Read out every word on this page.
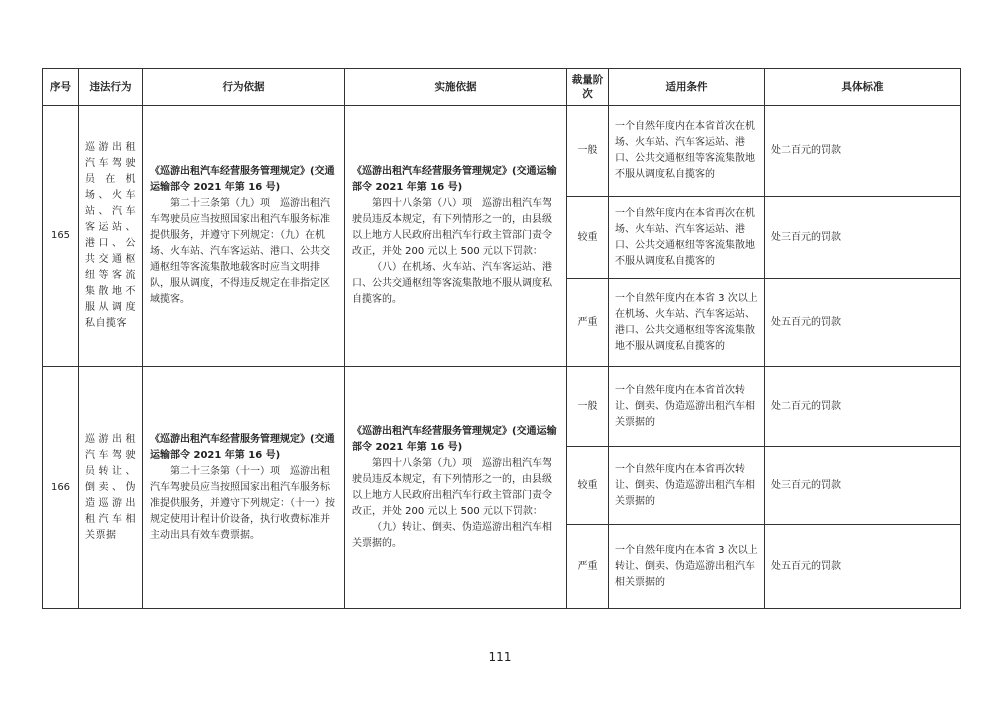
序号	违法行为	行为依据	实施依据	裁量阶次	适用条件	具体标准
165	巡游出租汽车驾驶员在机场、火车站、汽车客运站、港口、公共交通枢纽等客流集散地不服从调度私自揽客	《巡游出租汽车经营服务管理规定》(交通运输部令 2021 年第 16 号)
第二十三条第（九）项　巡游出租汽车驾驶员应当按照国家出租汽车服务标准提供服务，并遵守下列规定：（九）在机场、火车站、汽车客运站、港口、公共交通枢纽等客流集散地载客时应当文明排队，服从调度，不得违反规定在非指定区域揽客。	《巡游出租汽车经营服务管理规定》(交通运输部令 2021 年第 16 号)
第四十八条第（八）项　巡游出租汽车驾驶员违反本规定，有下列情形之一的，由县级以上地方人民政府出租汽车行政主管部门责令改正，并处 200 元以上 500 元以下罚款：
（八）在机场、火车站、汽车客运站、港口、公共交通枢纽等客流集散地不服从调度私自揽客的。	一般	一个自然年度内在本省首次在机场、火车站、汽车客运站、港口、公共交通枢纽等客流集散地不服从调度私自揽客的	处二百元的罚款
				较重	一个自然年度内在本省再次在机场、火车站、汽车客运站、港口、公共交通枢纽等客流集散地不服从调度私自揽客的	处三百元的罚款
				严重	一个自然年度内在本省 3 次以上在机场、火车站、汽车客运站、港口、公共交通枢纽等客流集散地不服从调度私自揽客的	处五百元的罚款
166	巡游出租汽车驾驶员转让、倒卖、伪造巡游出租汽车相关票据	《巡游出租汽车经营服务管理规定》(交通运输部令 2021 年第 16 号)
第二十三条第（十一）项　巡游出租汽车驾驶员应当按照国家出租汽车服务标准提供服务，并遵守下列规定：（十一）按规定使用计程计价设备，执行收费标准并主动出具有效车费票据。	《巡游出租汽车经营服务管理规定》(交通运输部令 2021 年第 16 号)
第四十八条第（九）项　巡游出租汽车驾驶员违反本规定，有下列情形之一的，由县级以上地方人民政府出租汽车行政主管部门责令改正，并处 200 元以上 500 元以下罚款：
（九）转让、倒卖、伪造巡游出租汽车相关票据的。	一般	一个自然年度内在本省首次转让、倒卖、伪造巡游出租汽车相关票据的	处二百元的罚款
				较重	一个自然年度内在本省再次转让、倒卖、伪造巡游出租汽车相关票据的	处三百元的罚款
				严重	一个自然年度内在本省 3 次以上转让、倒卖、伪造巡游出租汽车相关票据的	处五百元的罚款
111
